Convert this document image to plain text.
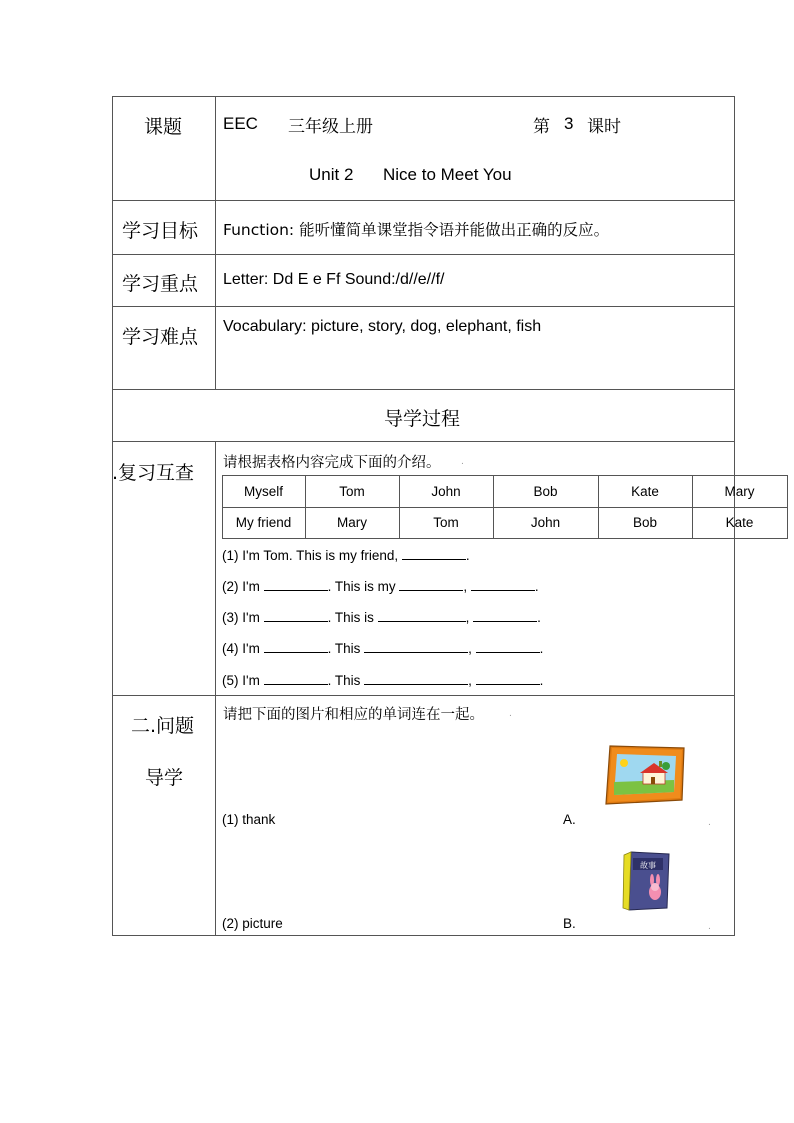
课题 EEC 三年级上册	第 3 课时
Unit 2 Nice to Meet You
学习目标 Function: 能听懂简单课堂指令语并能做出正确的反应。
学习重点 Letter: Dd E e Ff Sound:/d//e//f/
学习难点 Vocabulary: picture, story, dog, elephant, fish
导学过程
.复习互查 请根据表格内容完成下面的介绍。 .
Myself	Tom	John	Bob	Kate	Mary
My friend	Mary	Tom	John	Bob	Kate
(1) I'm Tom. This is my friend,	.
(2) I'm	. This is my	,	.
(3) I'm	. This is	,	.
(4) I'm	. This	,	.
(5) I'm	. This	,	.
二.问题
导学
请把下面的图片和相应的单词连在一起。	.
(1) thank	A.	.
(2) picture	B.	.
故事
